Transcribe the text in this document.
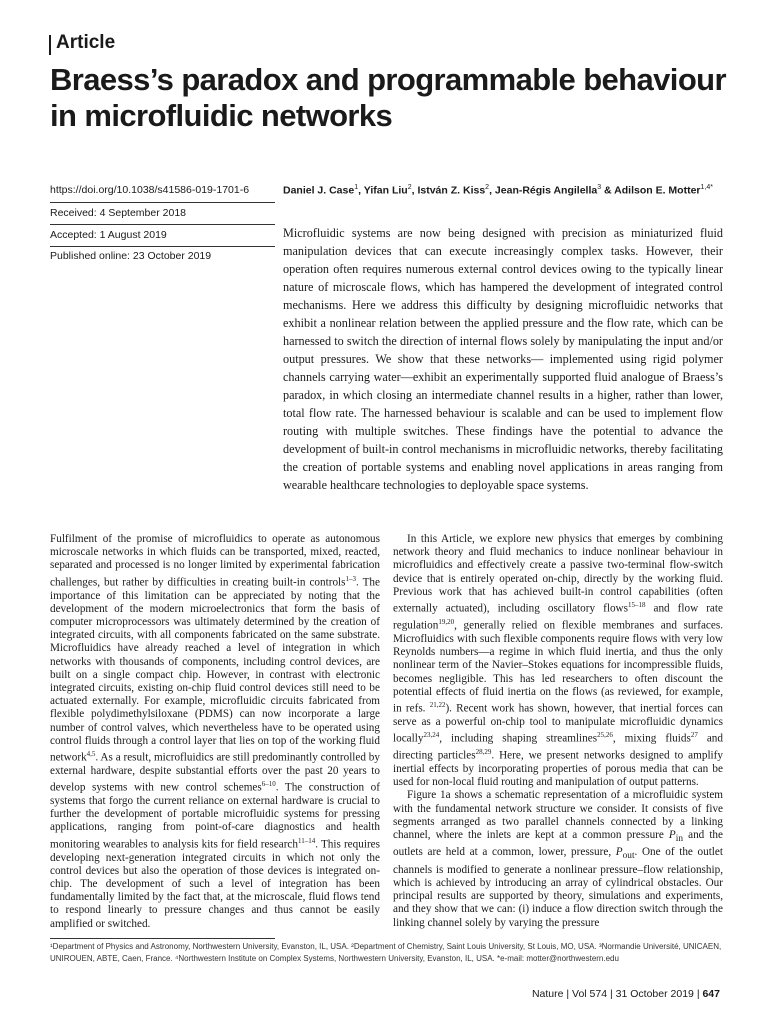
Article
Braess’s paradox and programmable behaviour in microfluidic networks
https://doi.org/10.1038/s41586-019-1701-6
Received: 4 September 2018
Accepted: 1 August 2019
Published online: 23 October 2019
Daniel J. Case$^1$, Yifan Liu$^2$, István Z. Kiss$^2$, Jean-Régis Angilella$^3$ & Adilson E. Motter$^{1,4*}$
Microfluidic systems are now being designed with precision as miniaturized fluid manipulation devices that can execute increasingly complex tasks. However, their operation often requires numerous external control devices owing to the typically linear nature of microscale flows, which has hampered the development of integrated control mechanisms. Here we address this difficulty by designing microfluidic networks that exhibit a nonlinear relation between the applied pressure and the flow rate, which can be harnessed to switch the direction of internal flows solely by manipulating the input and/or output pressures. We show that these networks— implemented using rigid polymer channels carrying water—exhibit an experimentally supported fluid analogue of Braess’s paradox, in which closing an intermediate channel results in a higher, rather than lower, total flow rate. The harnessed behaviour is scalable and can be used to implement flow routing with multiple switches. These findings have the potential to advance the development of built-in control mechanisms in microfluidic networks, thereby facilitating the creation of portable systems and enabling novel applications in areas ranging from wearable healthcare technologies to deployable space systems.

Fulfilment of the promise of microfluidics to operate as autonomous microscale networks in which fluids can be transported, mixed, reacted, separated and processed is no longer limited by experimental fabrication challenges, but rather by difficulties in creating built-in controls$^{1-3}$. The importance of this limitation can be appreciated by noting that the development of the modern microelectronics that form the basis of computer microprocessors was ultimately determined by the creation of integrated circuits, with all components fabricated on the same substrate. Microfluidics have already reached a level of integration in which networks with thousands of components, including control devices, are built on a single compact chip. However, in contrast with electronic integrated circuits, existing on-chip fluid control devices still need to be actuated externally. For example, microfluidic circuits fabricated from flexible polydimethylsiloxane (PDMS) can now incorporate a large number of control valves, which nevertheless have to be operated using control fluids through a control layer that lies on top of the working fluid network$^{4,5}$. As a result, microfluidics are still predominantly controlled by external hardware, despite substantial efforts over the past 20 years to develop systems with new control schemes$^{6-10}$. The construction of systems that forgo the current reliance on external hardware is crucial to further the development of portable microfluidic systems for pressing applications, ranging from point-of-care diagnostics and health monitoring wearables to analysis kits for field research$^{11-14}$. This requires developing next-generation integrated circuits in which not only the control devices but also the operation of those devices is integrated on-chip. The development of such a level of integration has been fundamentally limited by the fact that, at the microscale, fluid flows tend to respond linearly to pressure changes and thus cannot be easily amplified or switched.

In this Article, we explore new physics that emerges by combining network theory and fluid mechanics to induce nonlinear behaviour in microfluidics and effectively create a passive two-terminal flow-switch device that is entirely operated on-chip, directly by the working fluid. Previous work that has achieved built-in control capabilities (often externally actuated), including oscillatory flows$^{15-18}$ and flow rate regulation$^{19,20}$, generally relied on flexible membranes and surfaces. Microfluidics with such flexible components require flows with very low Reynolds numbers—a regime in which fluid inertia, and thus the only nonlinear term of the Navier–Stokes equations for incompressible fluids, becomes negligible. This has led researchers to often discount the potential effects of fluid inertia on the flows (as reviewed, for example, in refs. $^{21,22}$). Recent work has shown, however, that inertial forces can serve as a powerful on-chip tool to manipulate microfluidic dynamics locally$^{23,24}$, including shaping streamlines$^{25,26}$, mixing fluids$^{27}$ and directing particles$^{28,29}$. Here, we present networks designed to amplify inertial effects by incorporating properties of porous media that can be used for non-local fluid routing and manipulation of output patterns.

Figure 1a shows a schematic representation of a microfluidic system with the fundamental network structure we consider. It consists of five segments arranged as two parallel channels connected by a linking channel, where the inlets are kept at a common pressure $P_{in}$ and the outlets are held at a common, lower, pressure, $P_{out}$. One of the outlet channels is modified to generate a nonlinear pressure–flow relationship, which is achieved by introducing an array of cylindrical obstacles. Our principal results are supported by theory, simulations and experiments, and they show that we can: (i) induce a flow direction switch through the linking channel solely by varying the pressure

¹Department of Physics and Astronomy, Northwestern University, Evanston, IL, USA. ²Department of Chemistry, Saint Louis University, St Louis, MO, USA. ³Normandie Université, UNICAEN, UNIROUEN, ABTE, Caen, France. ⁴Northwestern Institute on Complex Systems, Northwestern University, Evanston, IL, USA. *e-mail: motter@northwestern.edu
Nature | Vol 574 | 31 October 2019 | 647
